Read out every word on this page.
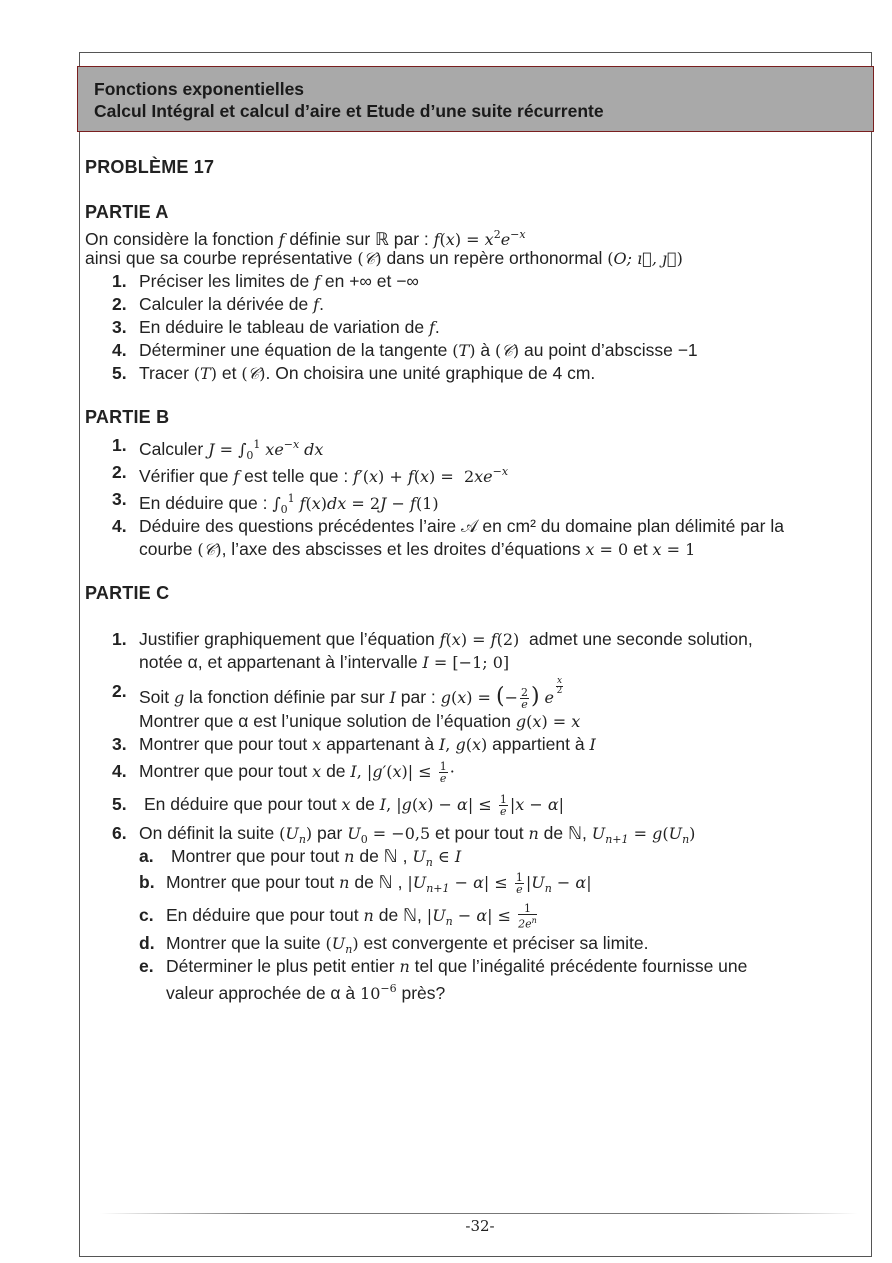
Fonctions exponentielles
Calcul Intégral et calcul d’aire et Etude d’une suite récurrente
PROBLÈME 17
PARTIE A
On considère la fonction f définie sur ℝ par : $f(x) = x^2e^{-x}$
ainsi que sa courbe représentative (𝒞) dans un repère orthonormal (O; ı⃗, ȷ⃗)
1. Préciser les limites de f en +∞ et −∞
2. Calculer la dérivée de f.
3. En déduire le tableau de variation de f.
4. Déterminer une équation de la tangente (T) à (𝒞) au point d’abscisse −1
5. Tracer (T) et (𝒞). On choisira une unité graphique de 4 cm.
PARTIE B
1. Calculer $J = \int_0^1$ $xe^{-x}$ dx
2. Vérifier que f est telle que : $f'(x) + f(x) = 2xe^{-x}$
3. En déduire que : $\int_0^1$ f(x)dx = 2J − f(1)
4. Déduire des questions précédentes l’aire 𝒜 en cm² du domaine plan délimité par la
courbe (𝒞), l’axe des abscisses et les droites d’équations x = 0 et x = 1
PARTIE C
1. Justifier graphiquement que l’équation f(x) = f(2) admet une seconde solution,
notée α, et appartenant à l’intervalle I = [−1; 0]
2. Soit g la fonction définie par sur I par : g(x) = (− $\frac{2}{e}$ ) e
$\frac{x}{2}$
Montrer que α est l’unique solution de l’équation g(x) = x
3. Montrer que pour tout x appartenant à I, g(x) appartient à I
4. Montrer que pour tout x de I, $|g'(x)| \le \frac{1}{e}$ ·
5. En déduire que pour tout x de I, $|g(x) - \alpha| \le \frac{1}{e} |x - \alpha|$
6. On définit la suite $(U_n)$ par $U_0 = -0,5$ et pour tout n de ℕ, $U_{n+1} = g(U_n)$
a. Montrer que pour tout n de ℕ , $U_n$ ∈ I
b. Montrer que pour tout n de ℕ , $|U_{n+1} - \alpha| \le \frac{1}{e} |U_n - \alpha|$
c. En déduire que pour tout n de ℕ, $|U_n - \alpha| \le \frac{1}{2e^n}$
d. Montrer que la suite $(U_n)$ est convergente et préciser sa limite.
e. Déterminer le plus petit entier n tel que l’inégalité précédente fournisse une
valeur approchée de α à $10^{-6}$ près?
-32-
